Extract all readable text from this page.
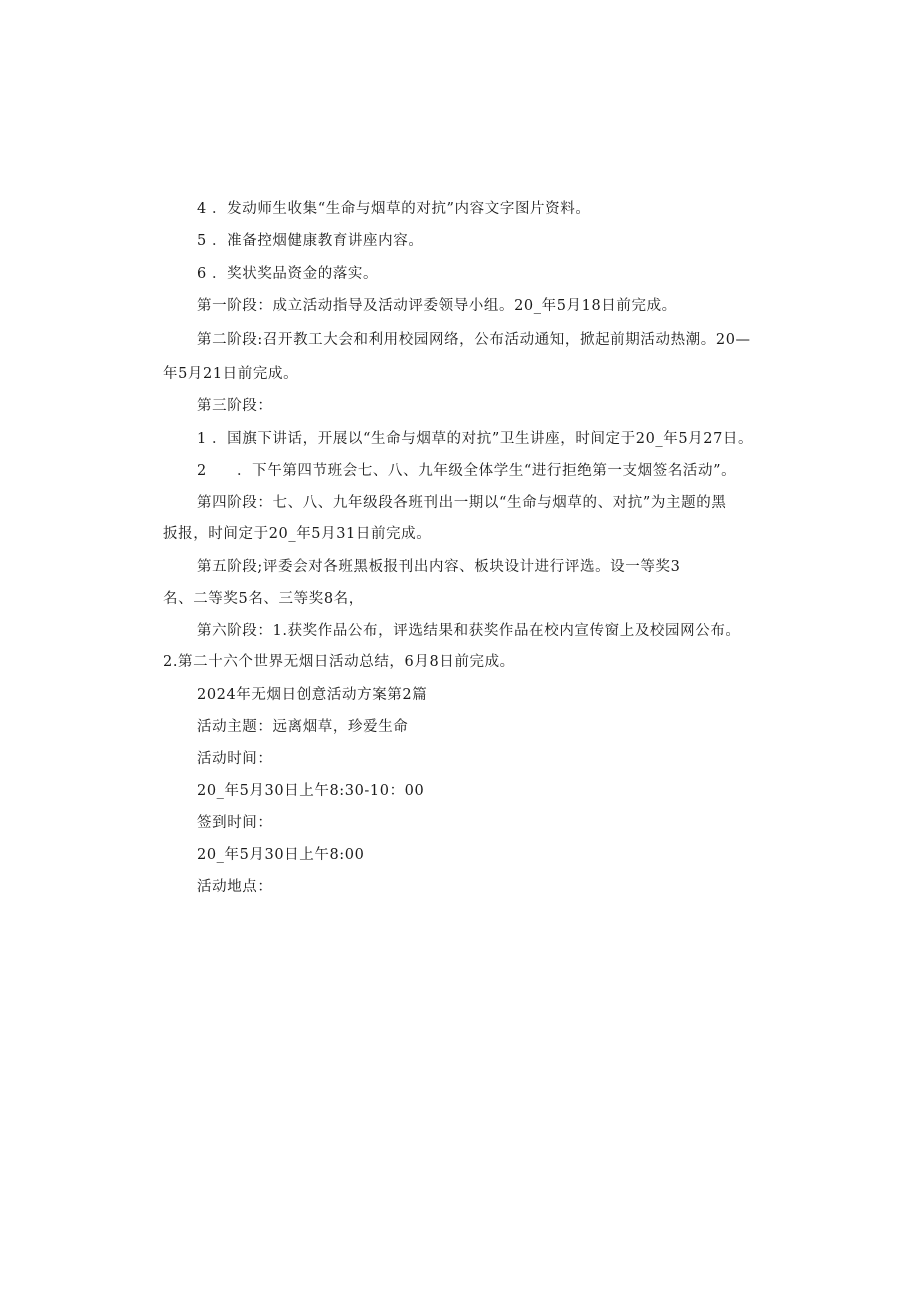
4 ．发动师生收集“生命与烟草的对抗”内容文字图片资料。
5 ．准备控烟健康教育讲座内容。
6 ．奖状奖品资金的落实。
第一阶段：成立活动指导及活动评委领导小组。20_年5月18日前完成。
第二阶段:召开教工大会和利用校园网络，公布活动通知，掀起前期活动热潮。20—
年5月21日前完成。
第三阶段：
1 ．国旗下讲话，开展以“生命与烟草的对抗”卫生讲座，时间定于20_年5月27日。
2　　．下午第四节班会七、八、九年级全体学生“进行拒绝第一支烟签名活动”。
第四阶段：七、八、九年级段各班刊出一期以“生命与烟草的、对抗”为主题的黑
扳报，时间定于20_年5月31日前完成。
第五阶段;评委会对各班黑板报刊出内容、板块设计进行评选。设一等奖3
名、二等奖5名、三等奖8名，
第六阶段：1.获奖作品公布，评选结果和获奖作品在校内宣传窗上及校园网公布。
2.第二十六个世界无烟日活动总结，6月8日前完成。
2024年无烟日创意活动方案第2篇
活动主题：远离烟草，珍爱生命
活动时间：
20_年5月30日上午8:30-10：00
签到时间：
20_年5月30日上午8:00
活动地点：
